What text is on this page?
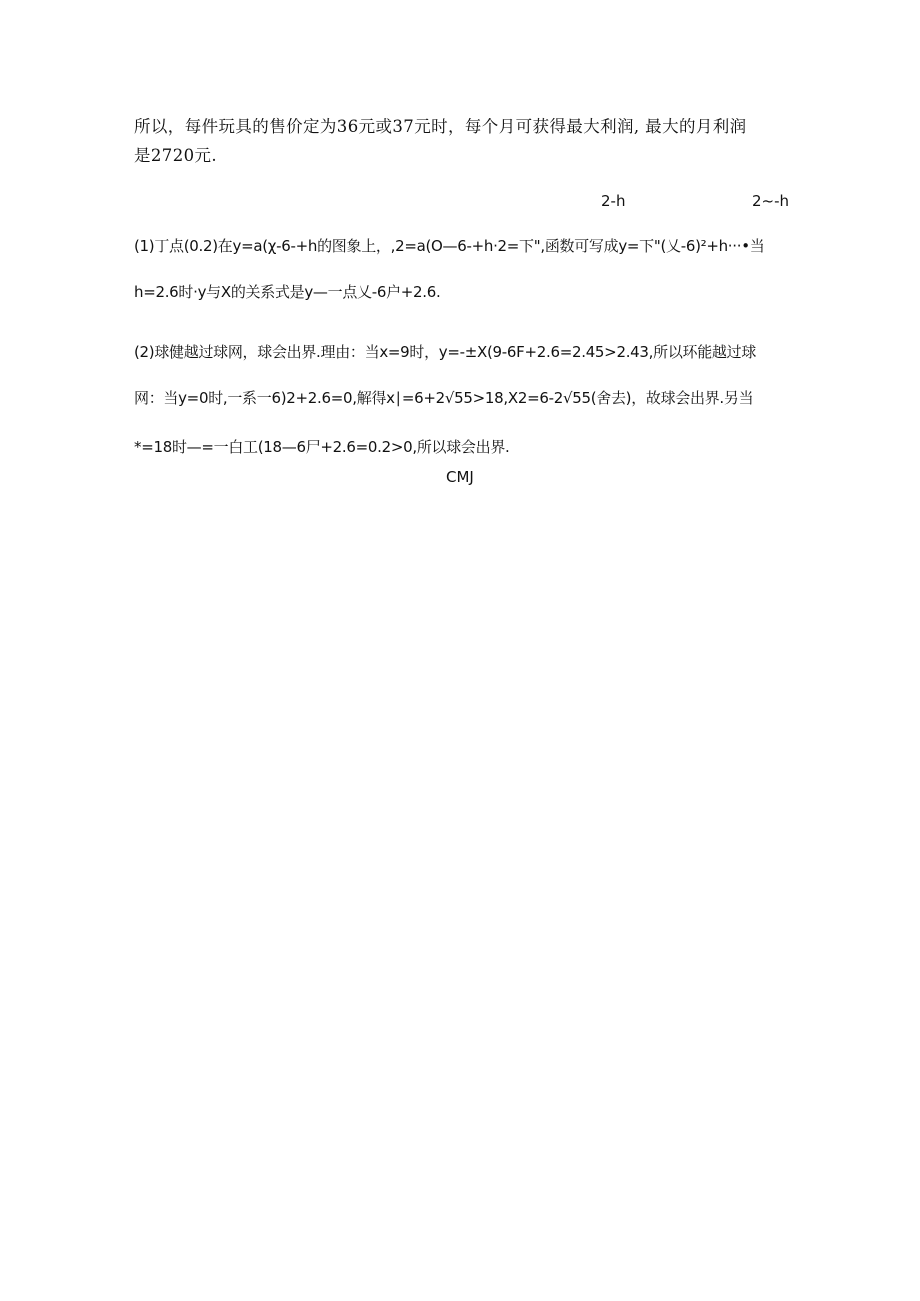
所以，每件玩具的售价定为36元或37元时，每个月可获得最大利润, 最大的月利润
是2720元.
2-h	2~-h
(1)丁点(0.2)在y=a(χ-6-+h的图象上，,2=a(O—6-+h·2=下",函数可写成y=下"(乂-6)²+h···•当
h=2.6时·y与X的关系式是y—一点乂-6户+2.6.
(2)球健越过球网，球会出界.理由：当x=9时，y=-±X(9-6F+2.6=2.45>2.43,所以环能越过球
网：当y=0时,一系一6)2+2.6=0,解得x∣=6+2√55>18,X2=6-2√55(舍去)，故球会出界.另当
*=18时—=一白工(18—6尸+2.6=0.2>0,所以球会出界.
CMJ
